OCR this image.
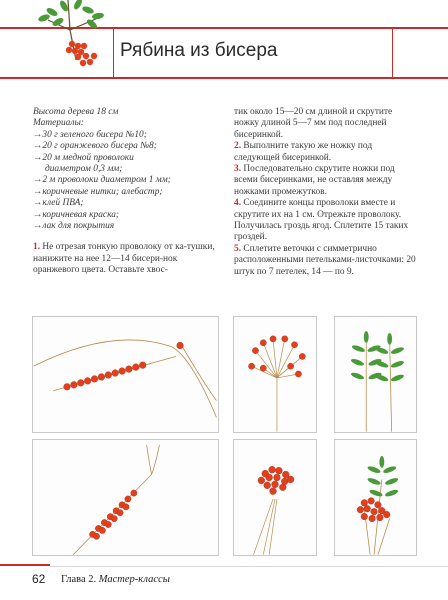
Рябина из бисера

Высота дерева 18 см

Материалы:

→30 г зеленого бисера №10;

→20 г оранжевого бисера №8;

→20 м медной проволоки

диаметром 0,3 мм;

→2 м проволоки диаметром 1 мм;

→коричневые нитки; алебастр;

→клей ПВА;

→коричневая краска;

→лак для покрытия

1. Не отрезая тонкую проволоку от ка-тушки, нанижите на нее 12—14 бисери-нок оранжевого цвета. Оставьте хвос-

тик около 15—20 см длиной и скрутите ножку длиной 5—7 мм под последней бисеринкой.

2. Выполните такую же ножку под следующей бисеринкой.

3. Последовательно скрутите ножки под всеми бисеринками, не оставляя между ножками промежутков.

4. Соедините концы проволоки вместе и скрутите их на 1 см. Отрежьте проволоку. Получилась гроздь ягод. Сплетите 15 таких гроздей.

5. Сплетите веточки с симметрично расположенными петельками-листочками: 20 штук по 7 петелек, 14 — по 9.

62 Глава 2. Мастер-классы
